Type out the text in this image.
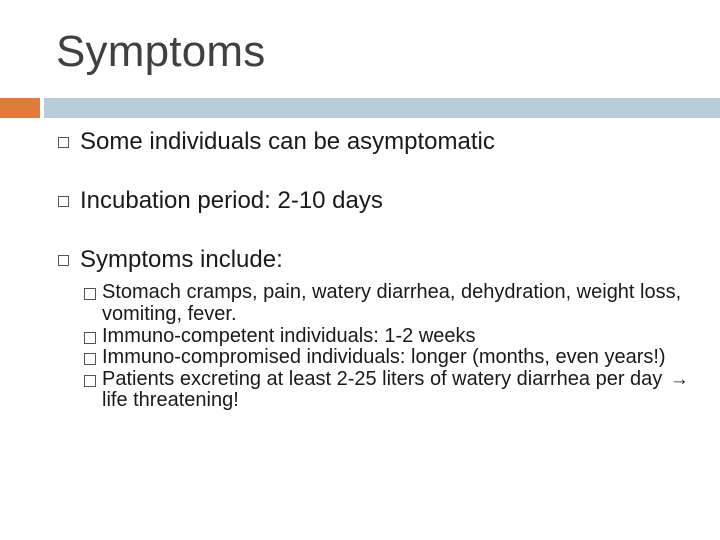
Symptoms
Some individuals can be asymptomatic
Incubation period: 2-10 days
Symptoms include:
Stomach cramps, pain, watery diarrhea, dehydration, weight loss, vomiting, fever.
Immuno-competent individuals: 1-2 weeks
Immuno-compromised individuals: longer (months, even years!)
Patients excreting at least 2-25 liters of watery diarrhea per day → life threatening!
